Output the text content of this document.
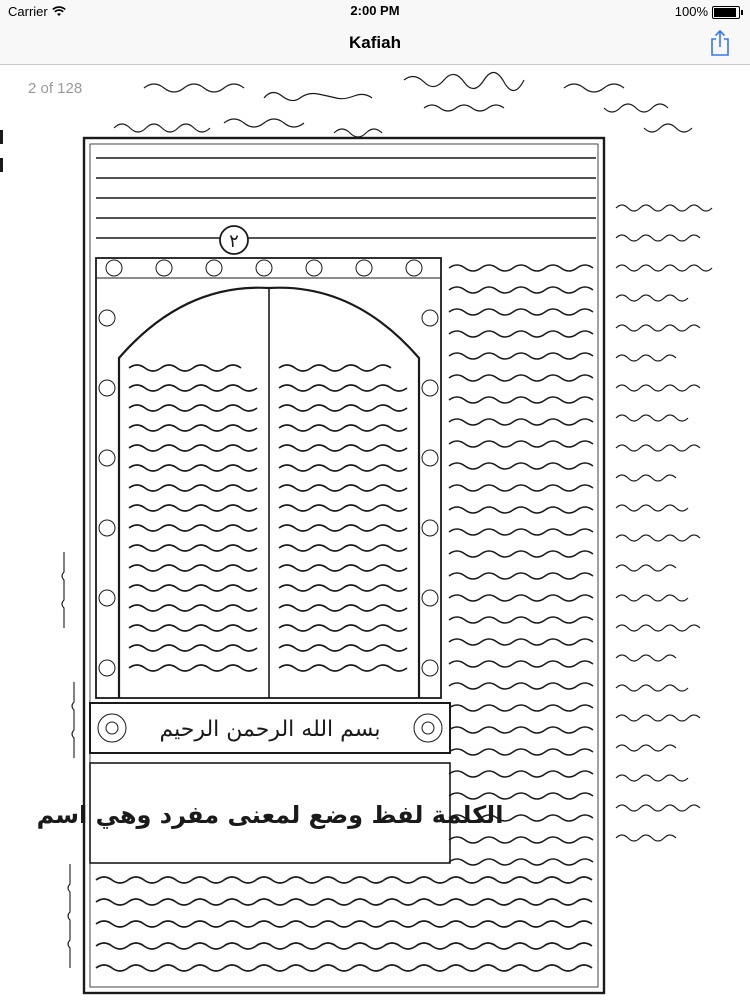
Carrier	2:00 PM	100%
Kafiah
2 of 128
٢
بسم الله الرحمن الرحيم
الكلمة لفظ وضع لمعنى مفرد وهي اسم
